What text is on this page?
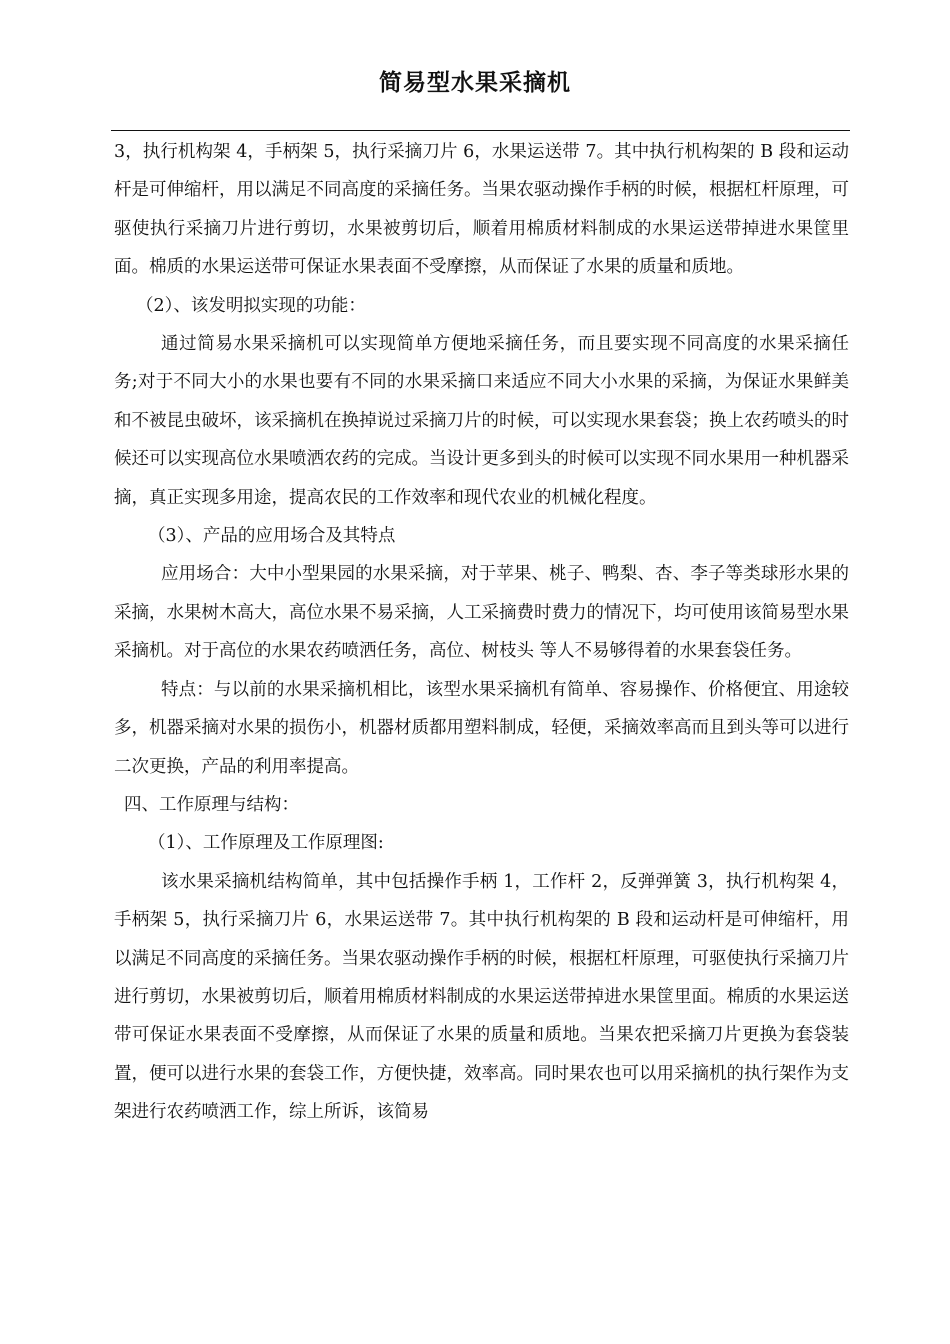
简易型水果采摘机

3，执行机构架 4，手柄架 5，执行采摘刀片 6，水果运送带 7。其中执行机构架的 B 段和运动杆是可伸缩杆，用以满足不同高度的采摘任务。当果农驱动操作手柄的时候，根据杠杆原理，可驱使执行采摘刀片进行剪切，水果被剪切后，顺着用棉质材料制成的水果运送带掉进水果筐里面。棉质的水果运送带可保证水果表面不受摩擦，从而保证了水果的质量和质地。

（2）、该发明拟实现的功能：

通过简易水果采摘机可以实现简单方便地采摘任务，而且要实现不同高度的水果采摘任务;对于不同大小的水果也要有不同的水果采摘口来适应不同大小水果的采摘，为保证水果鲜美和不被昆虫破坏，该采摘机在换掉说过采摘刀片的时候，可以实现水果套袋；换上农药喷头的时候还可以实现高位水果喷洒农药的完成。当设计更多到头的时候可以实现不同水果用一种机器采摘，真正实现多用途，提高农民的工作效率和现代农业的机械化程度。

（3）、产品的应用场合及其特点

应用场合：大中小型果园的水果采摘，对于苹果、桃子、鸭梨、杏、李子等类球形水果的采摘，水果树木高大，高位水果不易采摘，人工采摘费时费力的情况下，均可使用该简易型水果采摘机。对于高位的水果农药喷洒任务，高位、树枝头 等人不易够得着的水果套袋任务。

特点：与以前的水果采摘机相比，该型水果采摘机有简单、容易操作、价格便宜、用途较多，机器采摘对水果的损伤小，机器材质都用塑料制成，轻便，采摘效率高而且到头等可以进行二次更换，产品的利用率提高。

四、工作原理与结构：

（1）、工作原理及工作原理图:

该水果采摘机结构简单，其中包括操作手柄 1，工作杆 2，反弹弹簧 3，执行机构架 4，手柄架 5，执行采摘刀片 6，水果运送带 7。其中执行机构架的 B 段和运动杆是可伸缩杆，用以满足不同高度的采摘任务。当果农驱动操作手柄的时候，根据杠杆原理，可驱使执行采摘刀片进行剪切，水果被剪切后，顺着用棉质材料制成的水果运送带掉进水果筐里面。棉质的水果运送带可保证水果表面不受摩擦，从而保证了水果的质量和质地。当果农把采摘刀片更换为套袋装置，便可以进行水果的套袋工作，方便快捷，效率高。同时果农也可以用采摘机的执行架作为支架进行农药喷洒工作，综上所诉，该简易
